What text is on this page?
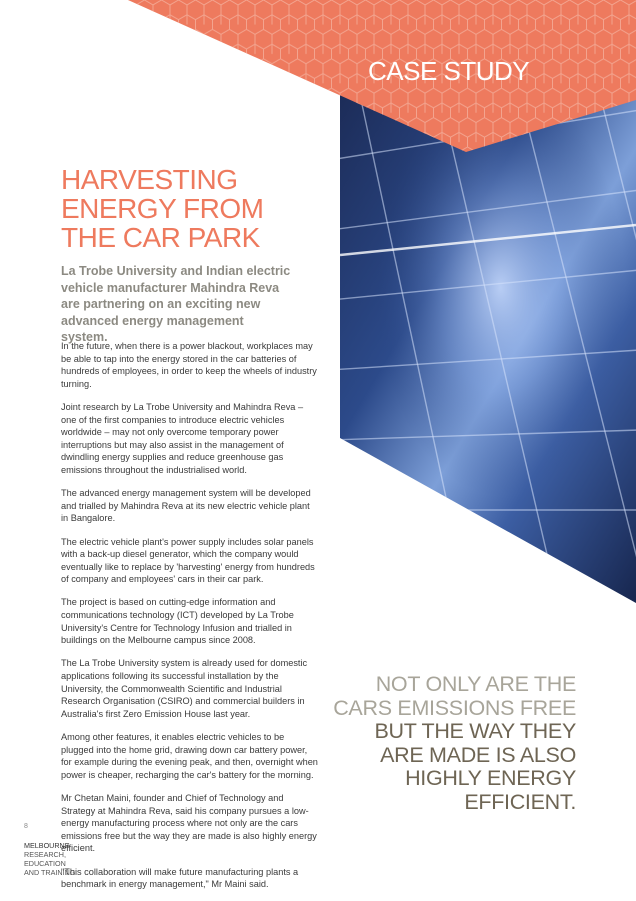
CASE STUDY
HARVESTING
ENERGY FROM
THE CAR PARK
La Trobe University and Indian electric vehicle manufacturer Mahindra Reva are partnering on an exciting new advanced energy management system.

In the future, when there is a power blackout, workplaces may be able to tap into the energy stored in the car batteries of hundreds of employees, in order to keep the wheels of industry turning.

Joint research by La Trobe University and Mahindra Reva – one of the first companies to introduce electric vehicles worldwide – may not only overcome temporary power interruptions but may also assist in the management of dwindling energy supplies and reduce greenhouse gas emissions throughout the industrialised world.

The advanced energy management system will be developed and trialled by Mahindra Reva at its new electric vehicle plant in Bangalore.

The electric vehicle plant's power supply includes solar panels with a back-up diesel generator, which the company would eventually like to replace by 'harvesting' energy from hundreds of company and employees' cars in their car park.

The project is based on cutting-edge information and communications technology (ICT) developed by La Trobe University's Centre for Technology Infusion and trialled in buildings on the Melbourne campus since 2008.

The La Trobe University system is already used for domestic applications following its successful installation by the University, the Commonwealth Scientific and Industrial Research Organisation (CSIRO) and commercial builders in Australia's first Zero Emission House last year.

Among other features, it enables electric vehicles to be plugged into the home grid, drawing down car battery power, for example during the evening peak, and then, overnight when power is cheaper, recharging the car's battery for the morning.

Mr Chetan Maini, founder and Chief of Technology and Strategy at Mahindra Reva, said his company pursues a low-energy manufacturing process where not only are the cars emissions free but the way they are made is also highly energy efficient.

"This collaboration will make future manufacturing plants a benchmark in energy management," Mr Maini said.

NOT ONLY ARE THE CARS EMISSIONS FREE BUT THE WAY THEY ARE MADE IS ALSO HIGHLY ENERGY EFFICIENT.
8
MELBOURNE
RESEARCH,
EDUCATION
AND TRAINING
